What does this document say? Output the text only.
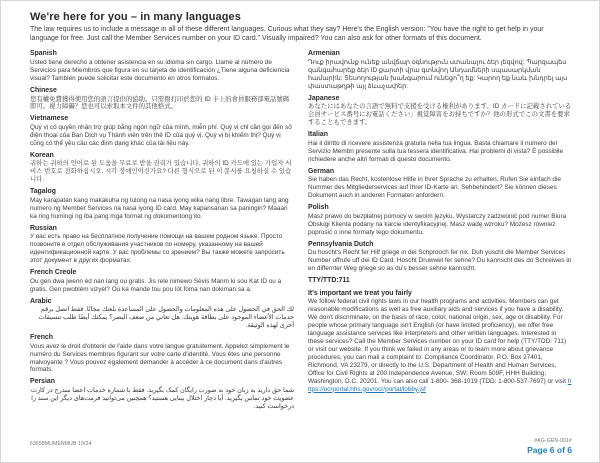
We're here for you – in many languages
The law requires us to include a message in all of these different languages. Curious what they say? Here's the English version: "You have the right to get help in your language for free. Just call the Member Services number on your ID card." Visually impaired? You can also ask for other formats of this document.
Spanish
Usted tiene derecho a obtener asistencia en su idioma sin cargo. Llame al número de Servicios para Miembros que figura en su tarjeta de identificación ¿Tiene alguna deficiencia visual? También puede solicitar este documento en otros formatos.
Chinese
您有權免費獲得使用您的語言提供的協助。只需撥打印於您的 ID 卡上的會員服務部電話號碼即可。視力障礙？您也可以索取本文件的其他格式。
Vietnamese
Quý vị có quyền nhận trợ giúp bằng ngôn ngữ của mình, miễn phí. Quý vị chỉ cần gọi đến số điện thoại của Ban Dịch vụ Thành viên trên thẻ ID của quý vị. Quý vị bị khiếm thị? Quý vị cũng có thể yêu cầu các định dạng khác của tài liệu này.
Korean
귀하는 귀하의 언어로 된 도움을 무료로 받을 권리가 있습니다. 귀하의 ID 카드에 있는 가입자 서비스 번호로 전화하십시오. 시각 장애인이신가요? 다른 형식으로 된 이 문서를 요청하실 수 있습니다.
Tagalog
May karapatan kang makakuha ng tulong na nasa iyong wika nang libre. Tawagan lang ang numero ng Member Services na nasa iyong ID card. May kapansanan sa paningin? Maaari ka ring humingi ng iba pang mga format ng dokumentong ito.
Russian
У вас есть право на бесплатное получение помощи на вашем родном языке. Просто позвоните в отдел обслуживания участников по номеру, указанному на вашей идентификационной карте. У вас проблемы со зрением? Вы также можете запросить этот документ в других форматах.
French Creole
Ou gen dwa jwenn èd nan lang ou gratis. Jis rele nimewo Sèvis Manm ki sou Kat ID ou a gratis. Gen pwoblèm vizyèl? Ou ka mande tou pou lòt fòma nan dokiman sa a.
Arabic
لك الحق في الحصول على هذه المعلومات والحصول على المساعدة بلغتك مجانًا. فقط اتصل برقم خدمات الأعضاء الموجود على بطاقة هويتك. هل تعاني من ضعف البصر؟ يمكنك أيضًا طلب تنسيقات أخرى لهذه الوثيقة.
French
Vous avez le droit d'obtenir de l'aide dans votre langue gratuitement. Appelez simplement le numéro du Services membres figurant sur votre carte d'identité. Vous êtes une personne malvoyante ? Vous pouvez également demander à accéder à ce document dans d'autres formats.
Persian
شما حق دارید به زبان خود به صورت رایگان کمک بگیرید. فقط با شماره خدمات اعضا مندرج در کارت عضویت خود تماس بگیرید. آیا دچار اختلال بینایی هستید؟ همچنین می‌توانید فرمت‌های دیگر این سند را درخواست کنید.
Armenian
Դուք իրավունք ունեք անվճար օգնություն ստանալու ձեր լեզվով: Պարզապես զանգահարեք ձեր ID քարտի վրա գտնվող Անդամների սպասարկման համարին: Տեսողության խանգարում ունեցո՞ղ եք: Կարող եք նաև խնդրել այս փաստաթղթի այլ ձևաչափեր:
Japanese
あなたにはあなたの言語で無料で支援を受ける権利があります。ID カードに記載されている会員サービス番号にお電話ください」視覚障害をお持ちですか？他の形式でこの文書を要求することもできます。
Italian
Hai il diritto di ricevere assistenza gratuita nella tua lingua. Basta chiamare il numero del Servizio Membri presente sulla tua tessera identificativa. Hai problemi di vista? È possibile richiedere anche altri formati di questo documento.
German
Sie haben das Recht, kostenlose Hilfe in Ihrer Sprache zu erhalten. Rufen Sie einfach die Nummer des Mitgliederservices auf Ihrer ID-Karte an. Sehbehindert? Sie können dieses Dokument auch in anderen Formaten anfordern.
Polish
Masz prawo do bezpłatnej pomocy w swoim języku. Wystarczy zadzwonić pod numer Biura Obsługi Klienta podany na karcie identyfikacyjnej. Masz wadę wzroku? Możesz również poprosić o inne formaty tego dokumentu.
Pennsylvania Dutch
Du hoscht's Recht fer Hilf griege in dei Schprooch fer nix. Duh yuscht die Member Services Number uffrufe uff dei ID Card. Hoscht Druwwel fer sehne? Du kannscht des do Schreiwes in en differnter Weg griege so as du's besser sehne kannscht.
TTY/TTD:711
It's important we treat you fairly
We follow federal civil rights laws in our health programs and activities. Members can get reasonable modifications as well as free auxiliary aids and services if you have a disability. We don't discriminate, on the basis of race, color, national origin, sex, age or disability. For people whose primary language isn't English (or have limited proficiency), we offer free language assistance services like interpreters and other written languages. Interested in these services? Call the Member Services number on your ID card for help (TTY/TDD: 711) or visit our website. If you think we failed in any areas or to learn more about grievance procedures, you can mail a complaint to: Compliance Coordinator, P.O. Box 27401, Richmond, VA 23279, or directly to the U.S. Department of Health and Human Services, Office for Civil Rights at 200 Independence Avenue, SW; Room 509F, HHH Building; Washington, D.C. 20201. You can also call 1-800- 368-1019 (TDD: 1-800-537-7697) or visit https://ocrportal.hhs.gov/ocr/portal/lobby.jsf
63658MUMENMUB 10/24	#AG-GEN-001#
Page 6 of 6
